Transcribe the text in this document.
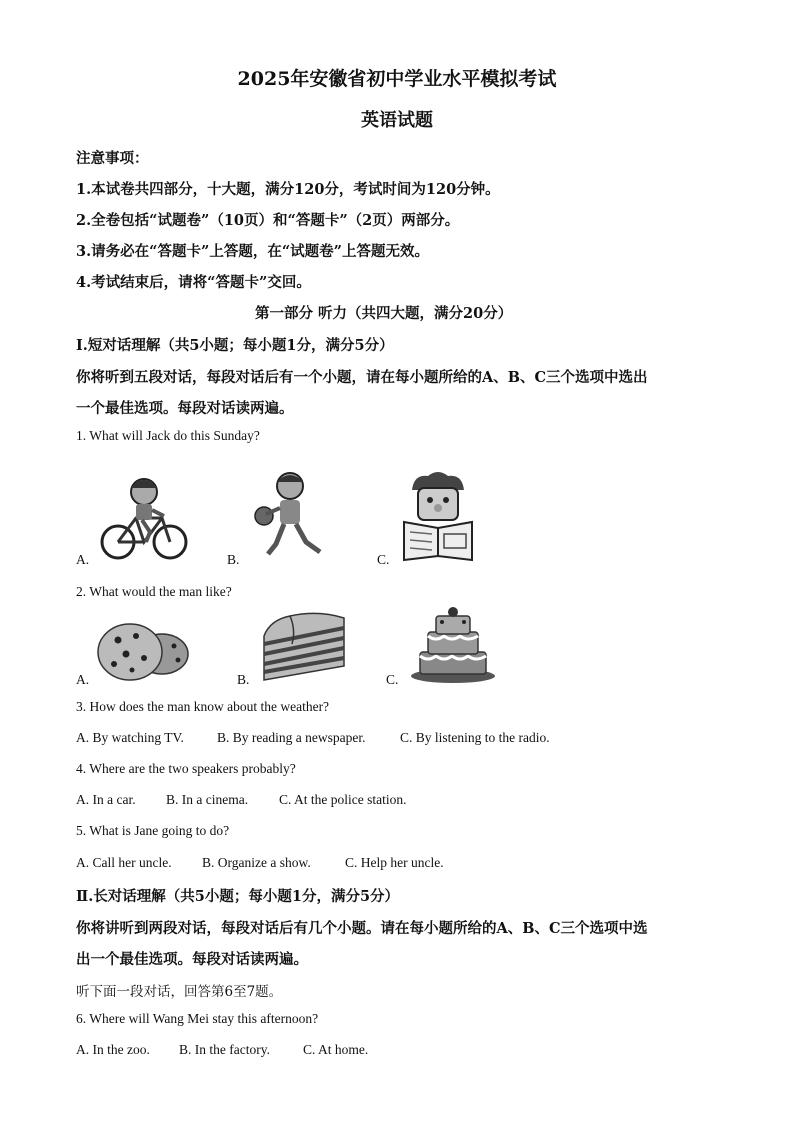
2025年安徽省初中学业水平模拟考试
英语试题
注意事项：
1.本试卷共四部分，十大题，满分120分，考试时间为120分钟。
2.全卷包括“试题卷”（10页）和“答题卡”（2页）两部分。
3.请务必在“答题卡”上答题，在“试题卷”上答题无效。
4.考试结束后，请将“答题卡”交回。
第一部分 听力（共四大题，满分20分）
Ⅰ.短对话理解（共5小题；每小题1分，满分5分）
你将听到五段对话，每段对话后有一个小题，请在每小题所给的A、B、C三个选项中选出
一个最佳选项。每段对话读两遍。
1. What will Jack do this Sunday?
A.	B.	C.
2. What would the man like?
A.	B.	C.
3. How does the man know about the weather?
A. By watching TV. B. By reading a newspaper.	C. By listening to the radio.
4. Where are the two speakers probably?
A. In a car. B. In a cinema. C. At the police station.
5. What is Jane going to do?
A. Call her uncle. B. Organize a show.	C. Help her uncle.
Ⅱ.长对话理解（共5小题；每小题1分，满分5分）
你将讲听到两段对话，每段对话后有几个小题。请在每小题所给的A、B、C三个选项中选
出一个最佳选项。每段对话读两遍。
听下面一段对话，回答第6至7题。
6. Where will Wang Mei stay this afternoon?
A. In the zoo. B. In the factory. C. At home.
